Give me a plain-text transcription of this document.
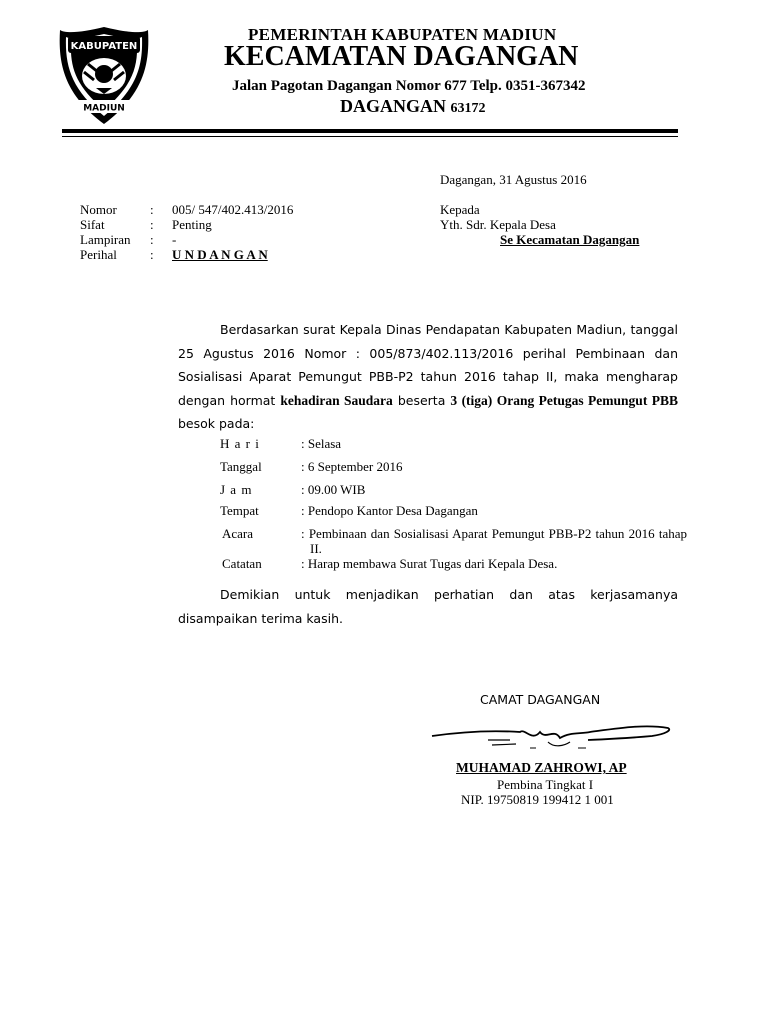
KABUPATEN
MADIUN
PEMERINTAH KABUPATEN MADIUN
KECAMATAN DAGANGAN
Jalan Pagotan Dagangan Nomor 677 Telp. 0351-367342
DAGANGAN 63172
Dagangan, 31 Agustus 2016
Nomor	: 005/ 547/402.413/2016
Sifat	: Penting
Lampiran : -
Perihal	: U N D A N G A N
Kepada
Yth. Sdr. Kepala Desa
Se Kecamatan Dagangan
Berdasarkan surat Kepala Dinas Pendapatan Kabupaten Madiun, tanggal 25 Agustus 2016 Nomor : 005/873/402.113/2016 perihal Pembinaan dan Sosialisasi Aparat Pemungut PBB-P2 tahun 2016 tahap II, maka mengharap dengan hormat kehadiran Saudara beserta 3 (tiga) Orang Petugas Pemungut PBB besok pada:
H a r i	: Selasa
Tanggal	: 6 September 2016
J a m	: 09.00 WIB
Tempat	: Pendopo Kantor Desa Dagangan
Acara	: Pembinaan dan Sosialisasi Aparat Pemungut PBB-P2 tahun 2016 tahap II.
Catatan	: Harap membawa Surat Tugas dari Kepala Desa.
Demikian untuk menjadikan perhatian dan atas kerjasamanya disampaikan terima kasih.
CAMAT DAGANGAN
MUHAMAD ZAHROWI, AP
Pembina Tingkat I
NIP. 19750819 199412 1 001
